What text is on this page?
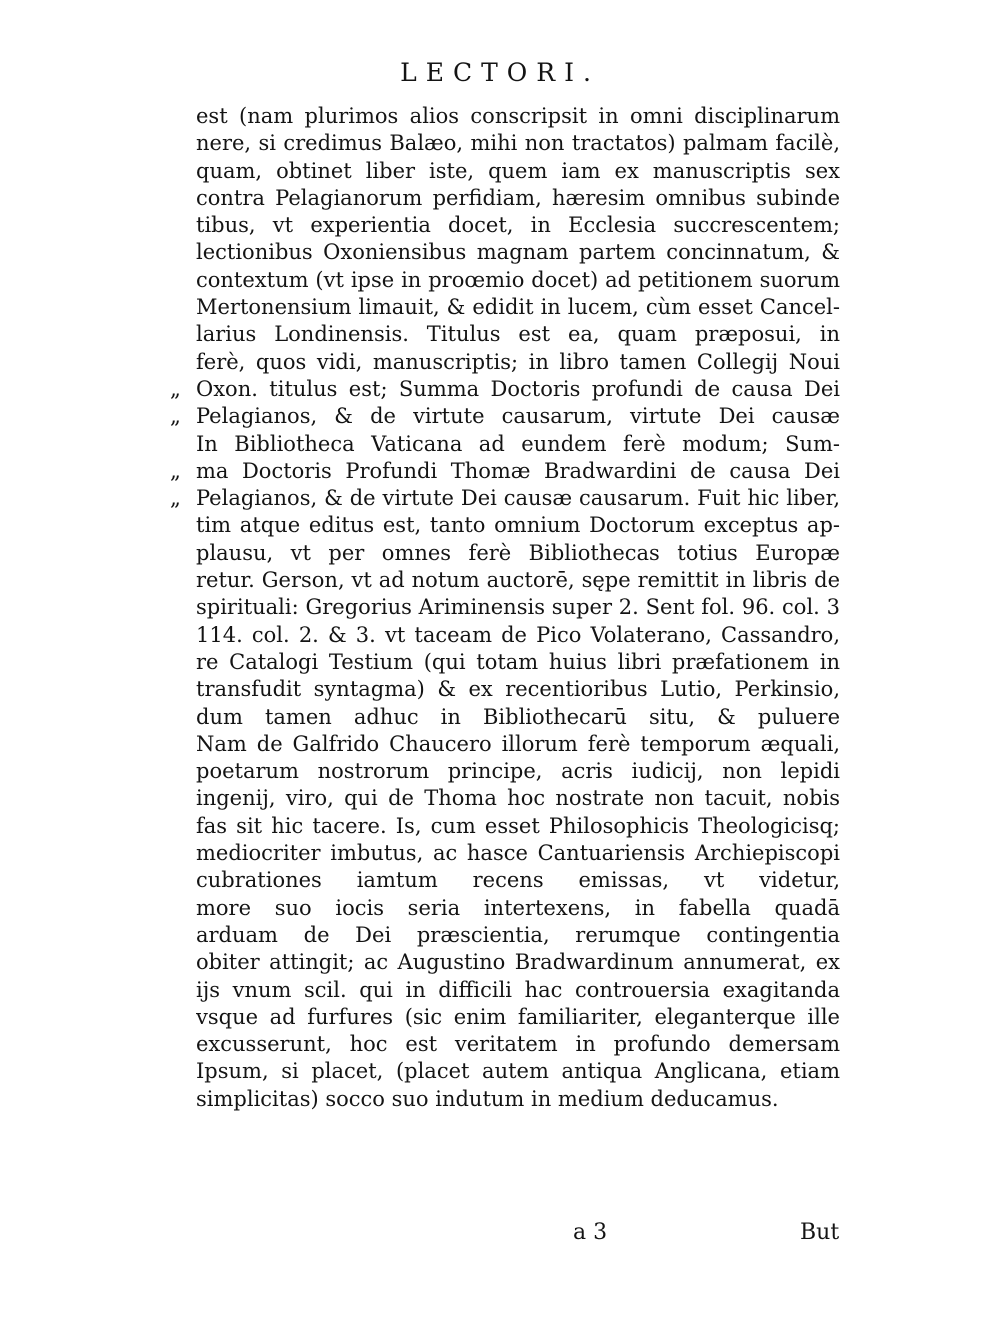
LECTORI.
est (nam plurimos alios conscripsit in omni disciplinarum
nere, si credimus Balæo, mihi non tractatos) palmam facilè,
quam, obtinet liber iste, quem iam ex manuscriptis sex
contra Pelagianorum perfidiam, hæresim omnibus subinde
tibus, vt experientia docet, in Ecclesia succrescentem;
lectionibus Oxoniensibus magnam partem concinnatum, &
contextum (vt ipse in proœmio docet) ad petitionem suorum
Mertonensium limauit, & edidit in lucem, cùm esset Cancel-
larius Londinensis. Titulus est ea, quam præposui, in
ferè, quos vidi, manuscriptis; in libro tamen Collegij Noui
„ Oxon. titulus est; Summa Doctoris profundi de causa Dei
„ Pelagianos, & de virtute causarum, virtute Dei causæ
In Bibliotheca Vaticana ad eundem ferè modum; Sum-
„ ma Doctoris Profundi Thomæ Bradwardini de causa Dei
„ Pelagianos, & de virtute Dei causæ causarum. Fuit hic liber,
tim atque editus est, tanto omnium Doctorum exceptus ap-
plausu, vt per omnes ferè Bibliothecas totius Europæ
retur. Gerson, vt ad notum auctorē, sępe remittit in libris de
spirituali: Gregorius Ariminensis super 2. Sent fol. 96. col. 3
114. col. 2. & 3. vt taceam de Pico Volaterano, Cassandro,
re Catalogi Testium (qui totam huius libri præfationem in
transfudit syntagma) & ex recentioribus Lutio, Perkinsio,
dum tamen adhuc in Bibliothecarū situ, & puluere
Nam de Galfrido Chaucero illorum ferè temporum æquali,
poetarum nostrorum principe, acris iudicij, non lepidi
ingenij, viro, qui de Thoma hoc nostrate non tacuit, nobis
fas sit hic tacere. Is, cum esset Philosophicis Theologicisq;
mediocriter imbutus, ac hasce Cantuariensis Archiepiscopi
cubrationes iamtum recens emissas, vt videtur,
more suo iocis seria intertexens, in fabella quadā
arduam de Dei præscientia, rerumque contingentia
obiter attingit; ac Augustino Bradwardinum annumerat, ex
ijs vnum scil. qui in difficili hac controuersia exagitanda
vsque ad furfures (sic enim familiariter, eleganterque ille
excusserunt, hoc est veritatem in profundo demersam
Ipsum, si placet, (placet autem antiqua Anglicana, etiam
simplicitas) socco suo indutum in medium deducamus.
a 3	But
